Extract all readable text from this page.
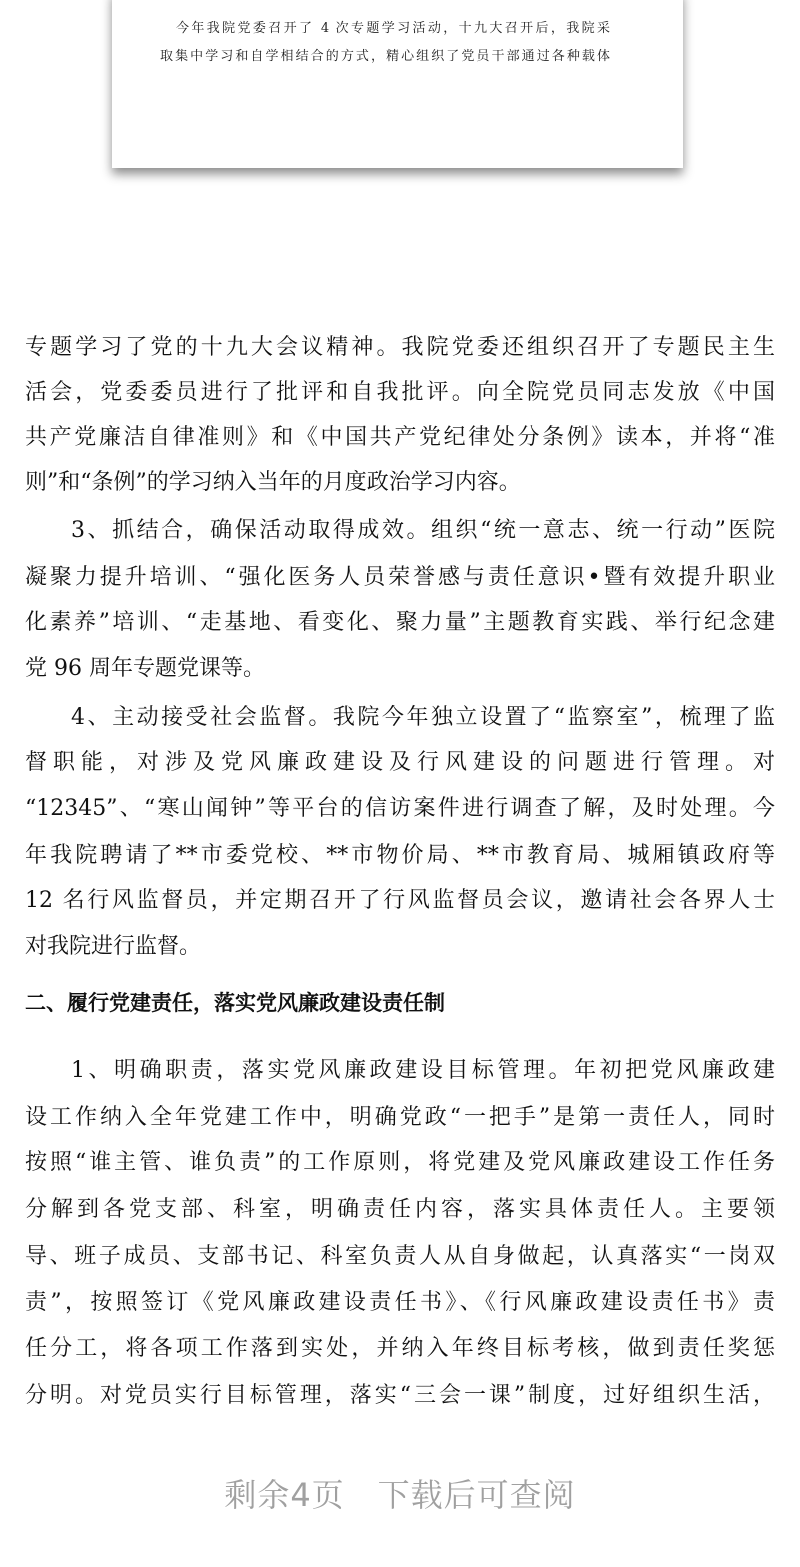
今年我院党委召开了 4 次专题学习活动，十九大召开后，我院采
取集中学习和自学相结合的方式，精心组织了党员干部通过各种载体
专题学习了党的十九大会议精神。我院党委还组织召开了专题民主生
活会，党委委员进行了批评和自我批评。向全院党员同志发放《中国
共产党廉洁自律准则》和《中国共产党纪律处分条例》读本，并将“准
则”和“条例”的学习纳入当年的月度政治学习内容。
3、抓结合，确保活动取得成效。组织“统一意志、统一行动”医院
凝聚力提升培训、“强化医务人员荣誉感与责任意识•暨有效提升职业
化素养”培训、“走基地、看变化、聚力量”主题教育实践、举行纪念建
党 96 周年专题党课等。
4、主动接受社会监督。我院今年独立设置了“监察室”，梳理了监
督职能，对涉及党风廉政建设及行风建设的问题进行管理。对
“12345”、“寒山闻钟”等平台的信访案件进行调查了解，及时处理。今
年我院聘请了**市委党校、**市物价局、**市教育局、城厢镇政府等
12 名行风监督员，并定期召开了行风监督员会议，邀请社会各界人士
对我院进行监督。
二、履行党建责任，落实党风廉政建设责任制
1、明确职责，落实党风廉政建设目标管理。年初把党风廉政建
设工作纳入全年党建工作中，明确党政“一把手”是第一责任人，同时
按照“谁主管、谁负责”的工作原则，将党建及党风廉政建设工作任务
分解到各党支部、科室，明确责任内容，落实具体责任人。主要领
导、班子成员、支部书记、科室负责人从自身做起，认真落实“一岗双
责”，按照签订《党风廉政建设责任书》、《行风廉政建设责任书》责
任分工，将各项工作落到实处，并纳入年终目标考核，做到责任奖惩
分明。对党员实行目标管理，落实“三会一课”制度，过好组织生活，
剩余4页　下载后可查阅
